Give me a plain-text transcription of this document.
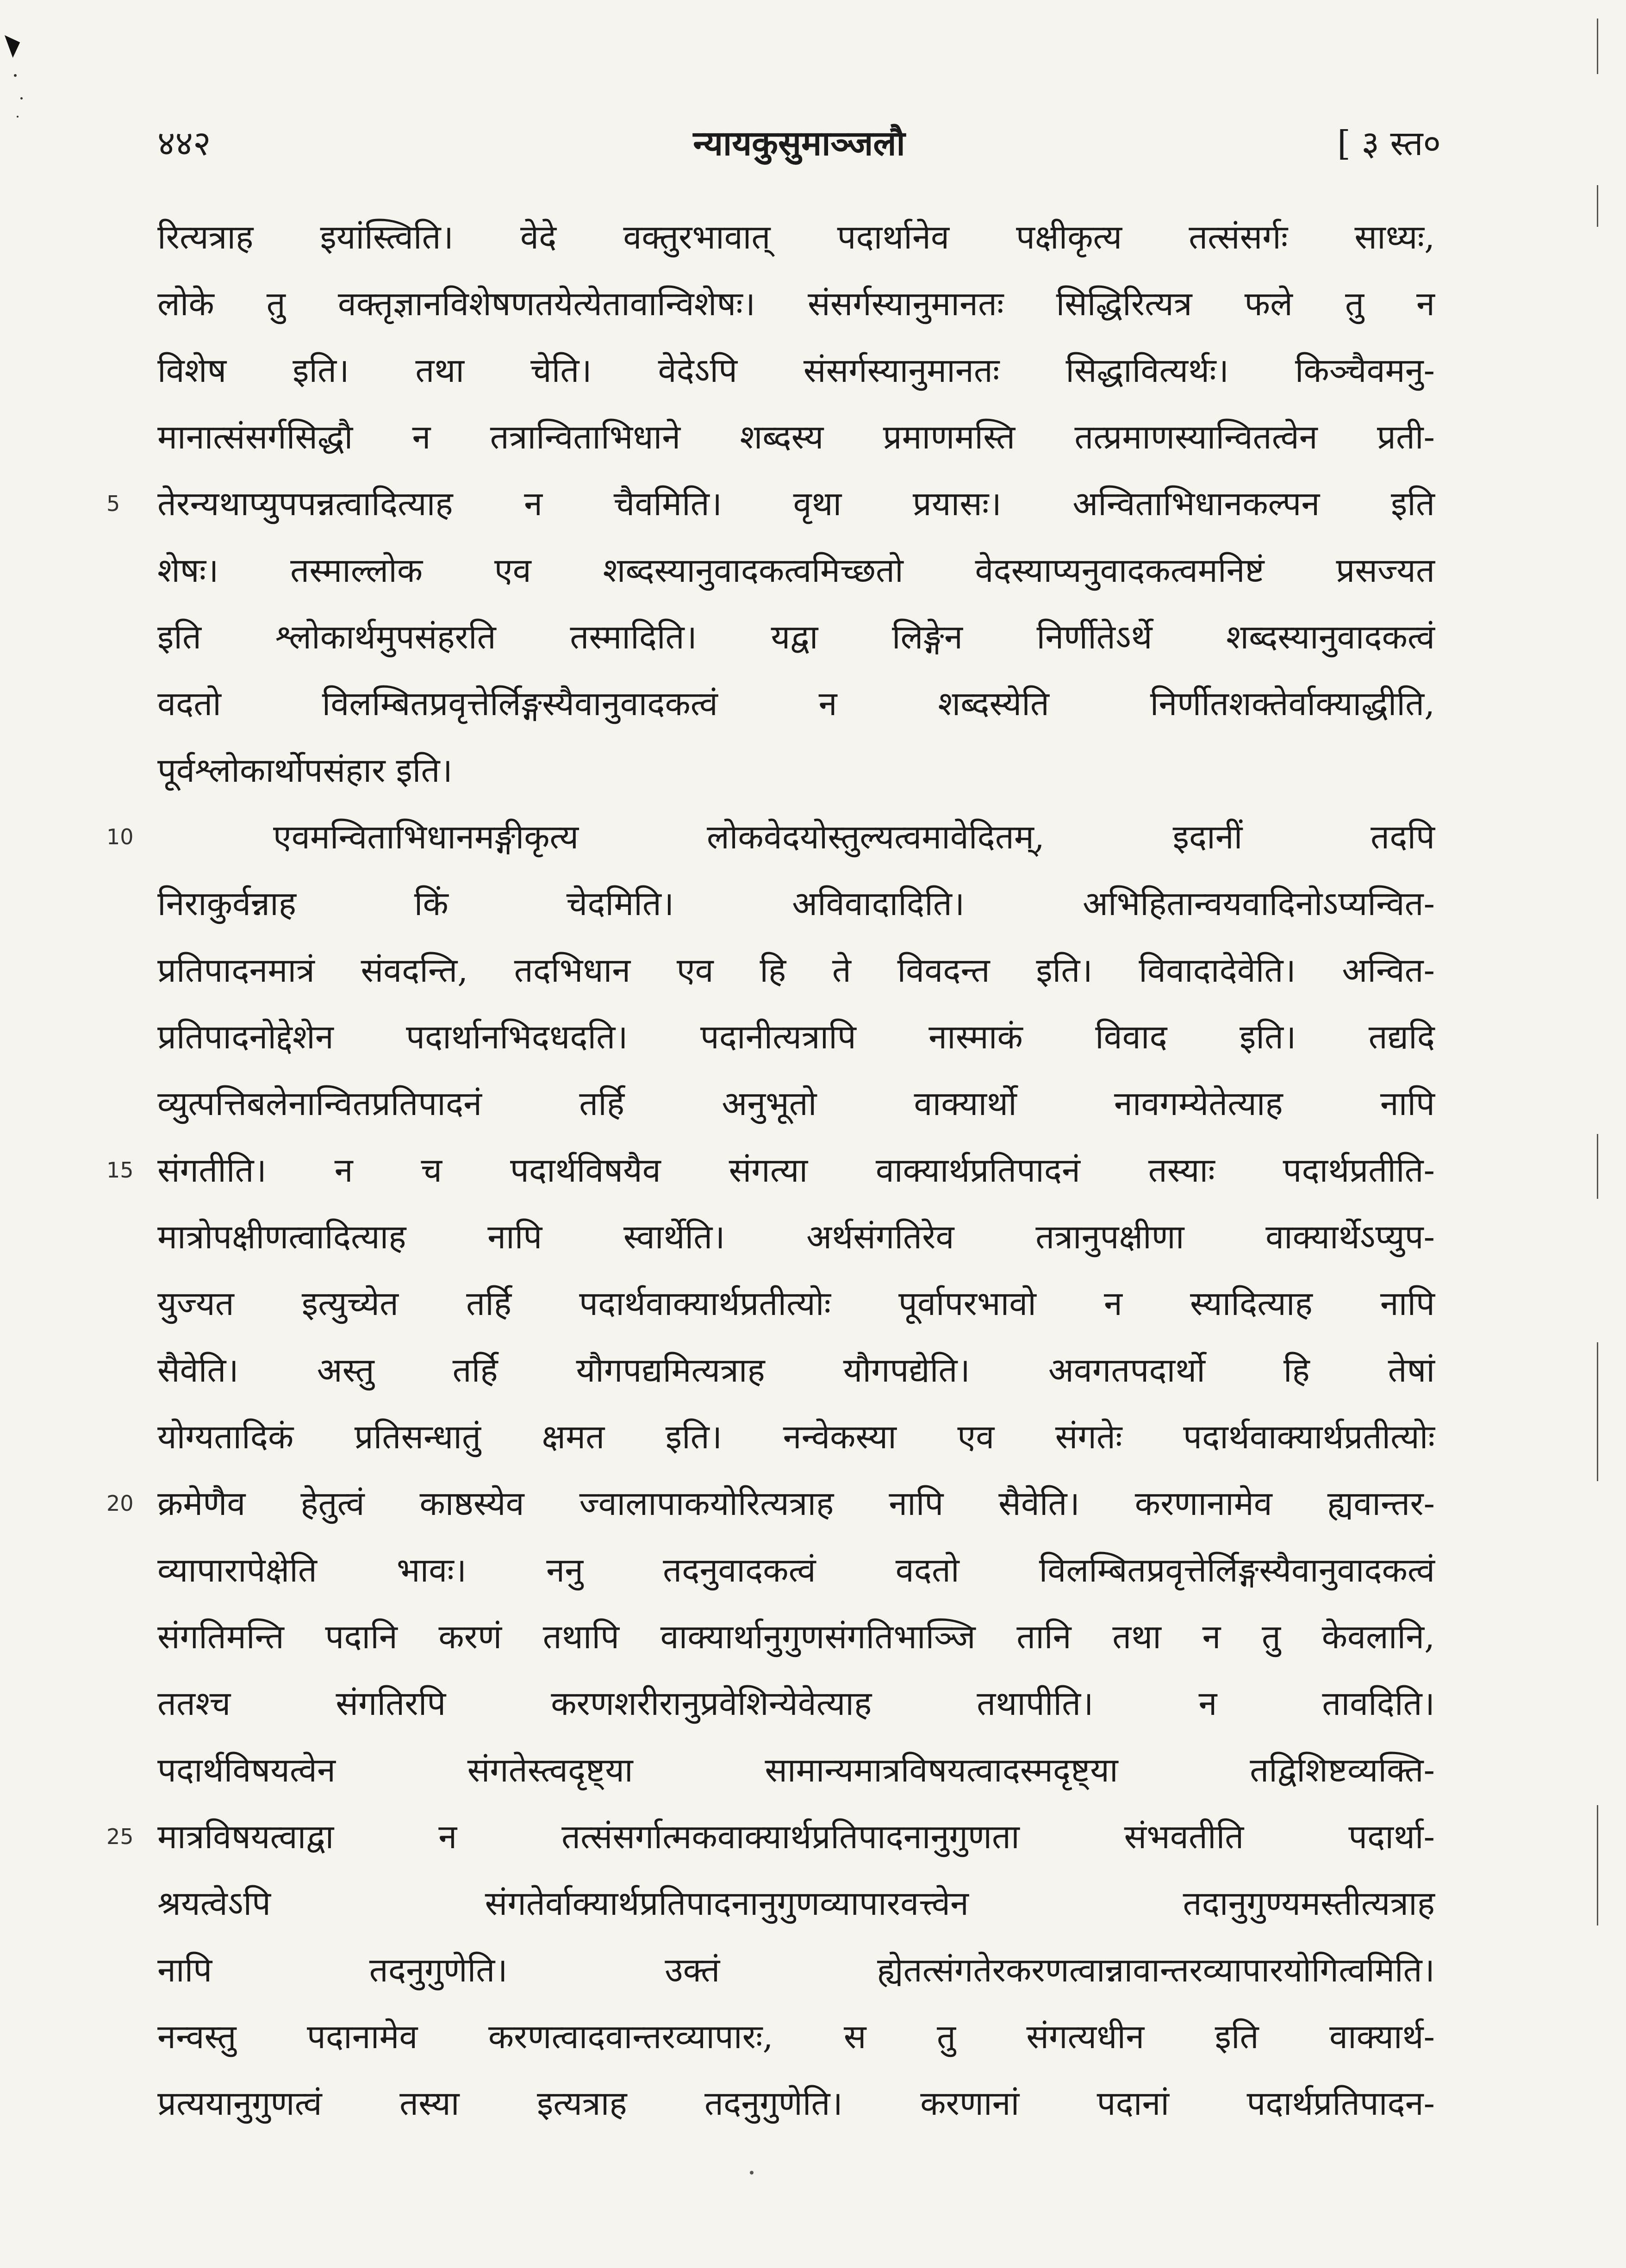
४४२	न्यायकुसुमाञ्जलौ	[ ३ स्त०
रित्यत्राह इयांस्त्विति। वेदे वक्तुरभावात् पदार्थानेव पक्षीकृत्य तत्संसर्गः साध्यः,
लोके तु वक्तृज्ञानविशेषणतयेत्येतावान्विशेषः। संसर्गस्यानुमानतः सिद्धिरित्यत्र फले तु न
विशेष इति। तथा चेति। वेदेऽपि संसर्गस्यानुमानतः सिद्धावित्यर्थः। किञ्चैवमनु-
मानात्संसर्गसिद्धौ न तत्रान्विताभिधाने शब्दस्य प्रमाणमस्ति तत्प्रमाणस्यान्वितत्वेन प्रती-
5 तेरन्यथाप्युपपन्नत्वादित्याह न चैवमिति। वृथा प्रयासः। अन्विताभिधानकल्पन इति
शेषः। तस्माल्लोक एव शब्दस्यानुवादकत्वमिच्छतो वेदस्याप्यनुवादकत्वमनिष्टं प्रसज्यत
इति श्लोकार्थमुपसंहरति तस्मादिति। यद्वा लिङ्गेन निर्णीतेऽर्थे शब्दस्यानुवादकत्वं
वदतो विलम्बितप्रवृत्तेर्लिङ्गस्यैवानुवादकत्वं न शब्दस्येति निर्णीतशक्तेर्वाक्याद्धीति,
पूर्वश्लोकार्थोपसंहार इति।
10	एवमन्विताभिधानमङ्गीकृत्य लोकवेदयोस्तुल्यत्वमावेदितम्, इदानीं तदपि
निराकुर्वन्नाह किं चेदमिति। अविवादादिति। अभिहितान्वयवादिनोऽप्यन्वित-
प्रतिपादनमात्रं संवदन्ति, तदभिधान एव हि ते विवदन्त इति। विवादादेवेति। अन्वित-
प्रतिपादनोद्देशेन पदार्थानभिदधदति। पदानीत्यत्रापि नास्माकं विवाद इति। तद्यदि
व्युत्पत्तिबलेनान्वितप्रतिपादनं तर्हि अनुभूतो वाक्यार्थो नावगम्येतेत्याह नापि
15 संगतीति। न च पदार्थविषयैव संगत्या वाक्यार्थप्रतिपादनं तस्याः पदार्थप्रतीति-
मात्रोपक्षीणत्वादित्याह नापि स्वार्थेति। अर्थसंगतिरेव तत्रानुपक्षीणा वाक्यार्थेऽप्युप-
युज्यत इत्युच्येत तर्हि पदार्थवाक्यार्थप्रतीत्योः पूर्वापरभावो न स्यादित्याह नापि
सैवेति। अस्तु तर्हि यौगपद्यमित्यत्राह यौगपद्येति। अवगतपदार्थो हि तेषां
योग्यतादिकं प्रतिसन्धातुं क्षमत इति। नन्वेकस्या एव संगतेः पदार्थवाक्यार्थप्रतीत्योः
20 क्रमेणैव हेतुत्वं काष्ठस्येव ज्वालापाकयोरित्यत्राह नापि सैवेति। करणानामेव ह्यवान्तर-
व्यापारापेक्षेति भावः। ननु तदनुवादकत्वं वदतो विलम्बितप्रवृत्तेर्लिङ्गस्यैवानुवादकत्वं
संगतिमन्ति पदानि करणं तथापि वाक्यार्थानुगुणसंगतिभाञ्जि तानि तथा न तु केवलानि,
ततश्च संगतिरपि करणशरीरानुप्रवेशिन्येवेत्याह तथापीति। न तावदिति।
पदार्थविषयत्वेन संगतेस्त्वदृष्ट्या सामान्यमात्रविषयत्वादस्मदृष्ट्या तद्विशिष्टव्यक्ति-
25 मात्रविषयत्वाद्वा न तत्संसर्गात्मकवाक्यार्थप्रतिपादनानुगुणता संभवतीति पदार्था-
श्रयत्वेऽपि संगतेर्वाक्यार्थप्रतिपादनानुगुणव्यापारवत्त्वेन तदानुगुण्यमस्तीत्यत्राह
नापि तदनुगुणेति। उक्तं ह्येतत्संगतेरकरणत्वान्नावान्तरव्यापारयोगित्वमिति।
नन्वस्तु पदानामेव करणत्वादवान्तरव्यापारः, स तु संगत्यधीन इति वाक्यार्थ-
प्रत्ययानुगुणत्वं तस्या इत्यत्राह तदनुगुणेति। करणानां पदानां पदार्थप्रतिपादन-
